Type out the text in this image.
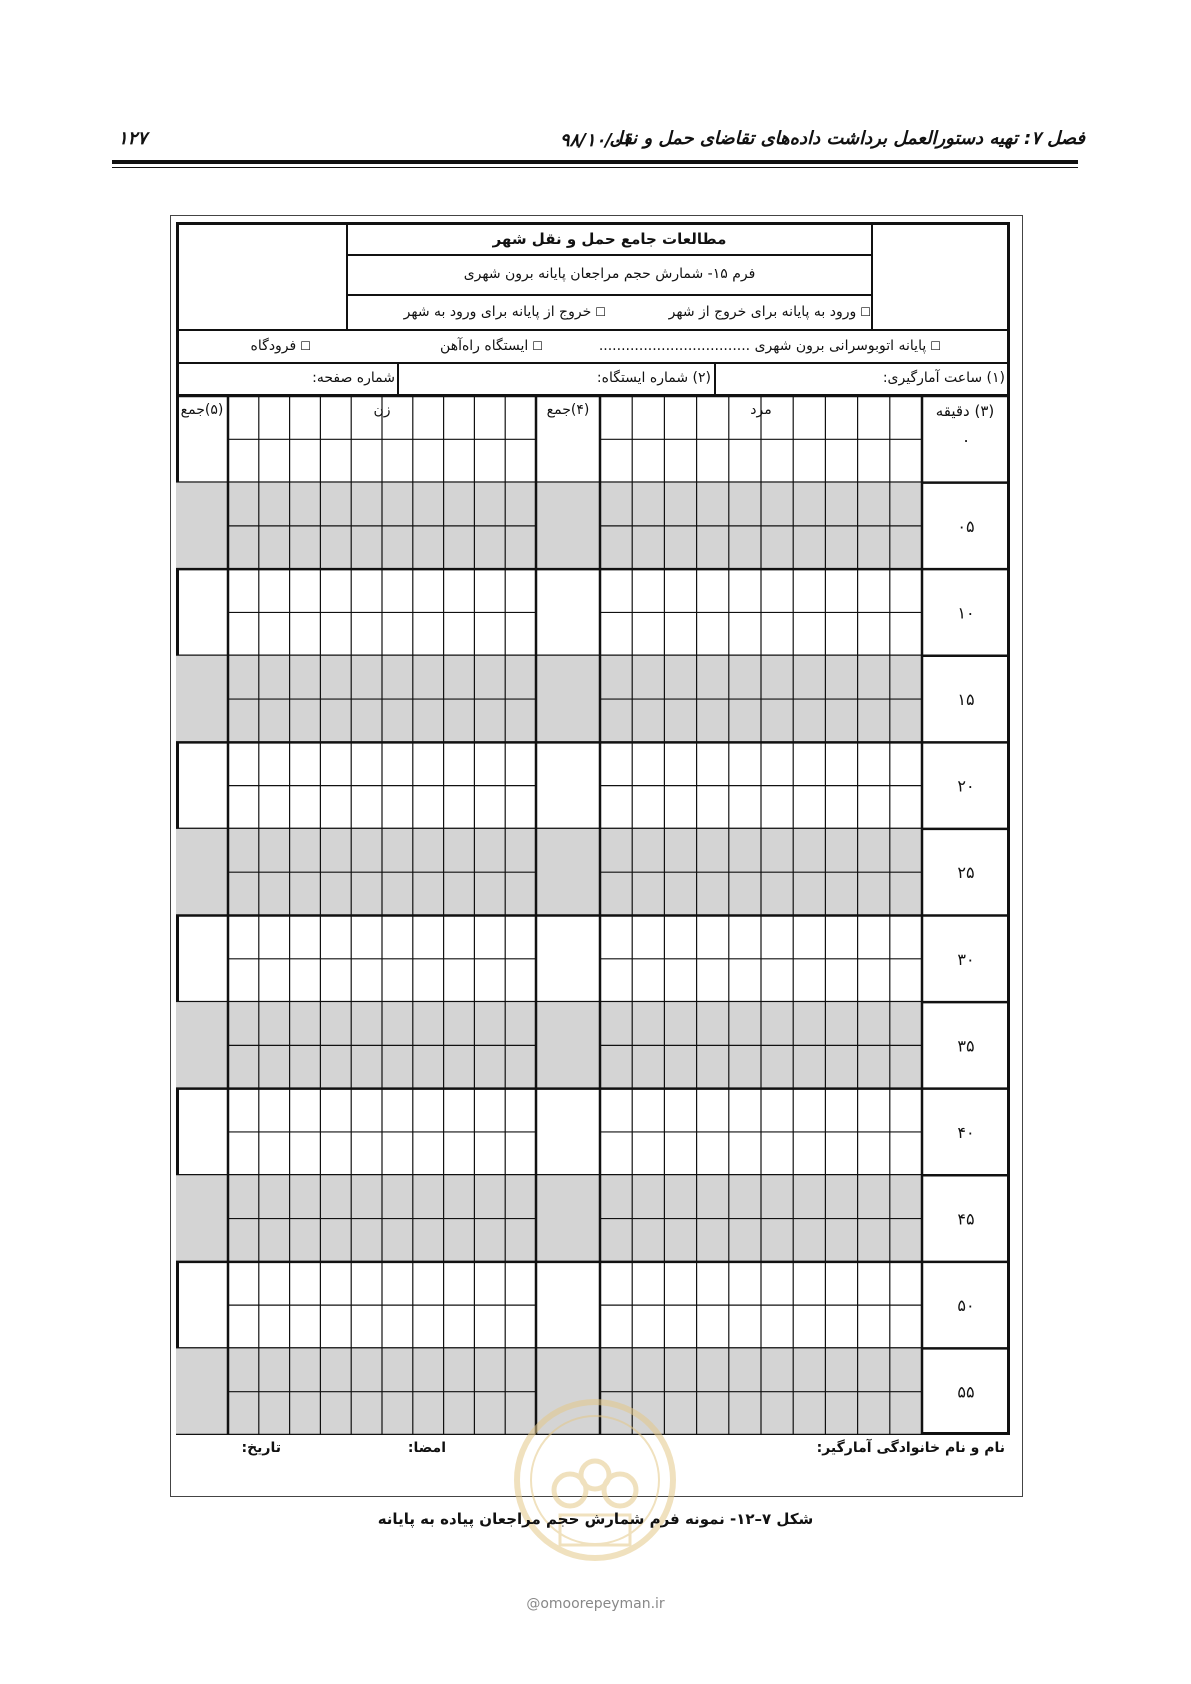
فصل ۷: تهیه دستورالعمل برداشت داده‌های تقاضای حمل و نقل
۹۸/۱۰/۰۱
۱۲۷
مطالعات جامع حمل و نقل شهر
فرم ۱۵- شمارش حجم مراجعان پایانه برون شهری
☐ورود به پایانه برای خروج از شهر
☐خروج از پایانه برای ورود به شهر
☐پایانه اتوبوسرانی برون شهری ..................................
☐ایستگاه راه‌آهن
☐فرودگاه
(۱) ساعت آمارگیری:
(۲) شماره ایستگاه:
شماره صفحه:
(۳) دقیقه
مرد
(۴)جمع
زن
(۵)جمع
۰
۰۵
۱۰
۱۵
۲۰
۲۵
۳۰
۳۵
۴۰
۴۵
۵۰
۵۵
نام و نام خانوادگی آمارگیر:
امضا:
تاریخ:
شکل ۷–۱۲- نمونه فرم شمارش حجم مراجعان پیاده به پایانه
@omoorepeyman.ir
